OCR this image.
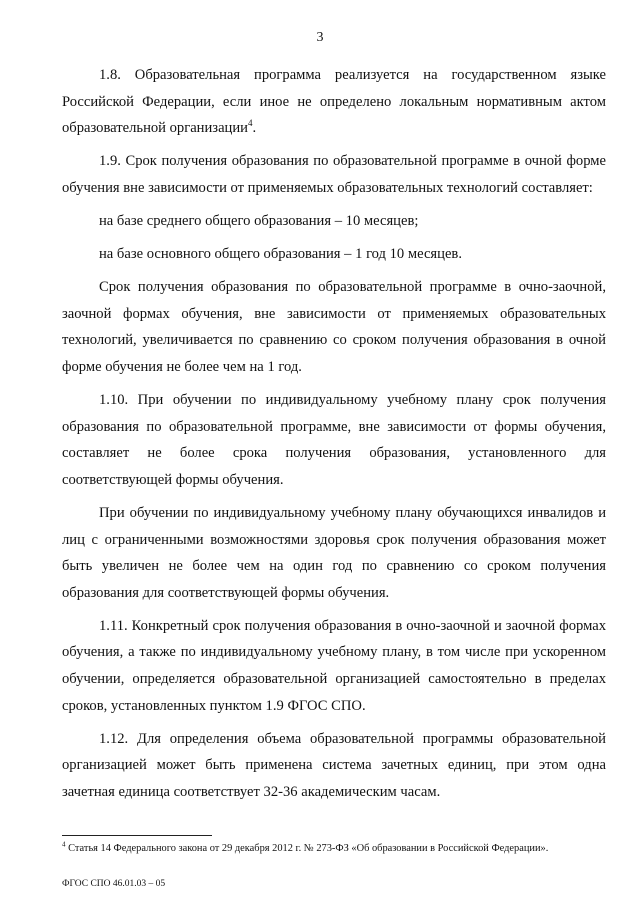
3

1.8. Образовательная программа реализуется на государственном языке Российской Федерации, если иное не определено локальным нормативным актом образовательной организации$^4$.

1.9. Срок получения образования по образовательной программе в очной форме обучения вне зависимости от применяемых образовательных технологий составляет:

на базе среднего общего образования – 10 месяцев;

на базе основного общего образования – 1 год 10 месяцев.

Срок получения образования по образовательной программе в очно-заочной, заочной формах обучения, вне зависимости от применяемых образовательных технологий, увеличивается по сравнению со сроком получения образования в очной форме обучения не более чем на 1 год.

1.10. При обучении по индивидуальному учебному плану срок получения образования по образовательной программе, вне зависимости от формы обучения, составляет не более срока получения образования, установленного для соответствующей формы обучения.

При обучении по индивидуальному учебному плану обучающихся инвалидов и лиц с ограниченными возможностями здоровья срок получения образования может быть увеличен не более чем на один год по сравнению со сроком получения образования для соответствующей формы обучения.

1.11. Конкретный срок получения образования в очно-заочной и заочной формах обучения, а также по индивидуальному учебному плану, в том числе при ускоренном обучении, определяется образовательной организацией самостоятельно в пределах сроков, установленных пунктом 1.9 ФГОС СПО.

1.12. Для определения объема образовательной программы образовательной организацией может быть применена система зачетных единиц, при этом одна зачетная единица соответствует 32-36 академическим часам.

$^4$ Статья 14 Федерального закона от 29 декабря 2012 г. № 273-ФЗ «Об образовании в Российской Федерации».
ФГОС СПО 46.01.03 – 05
